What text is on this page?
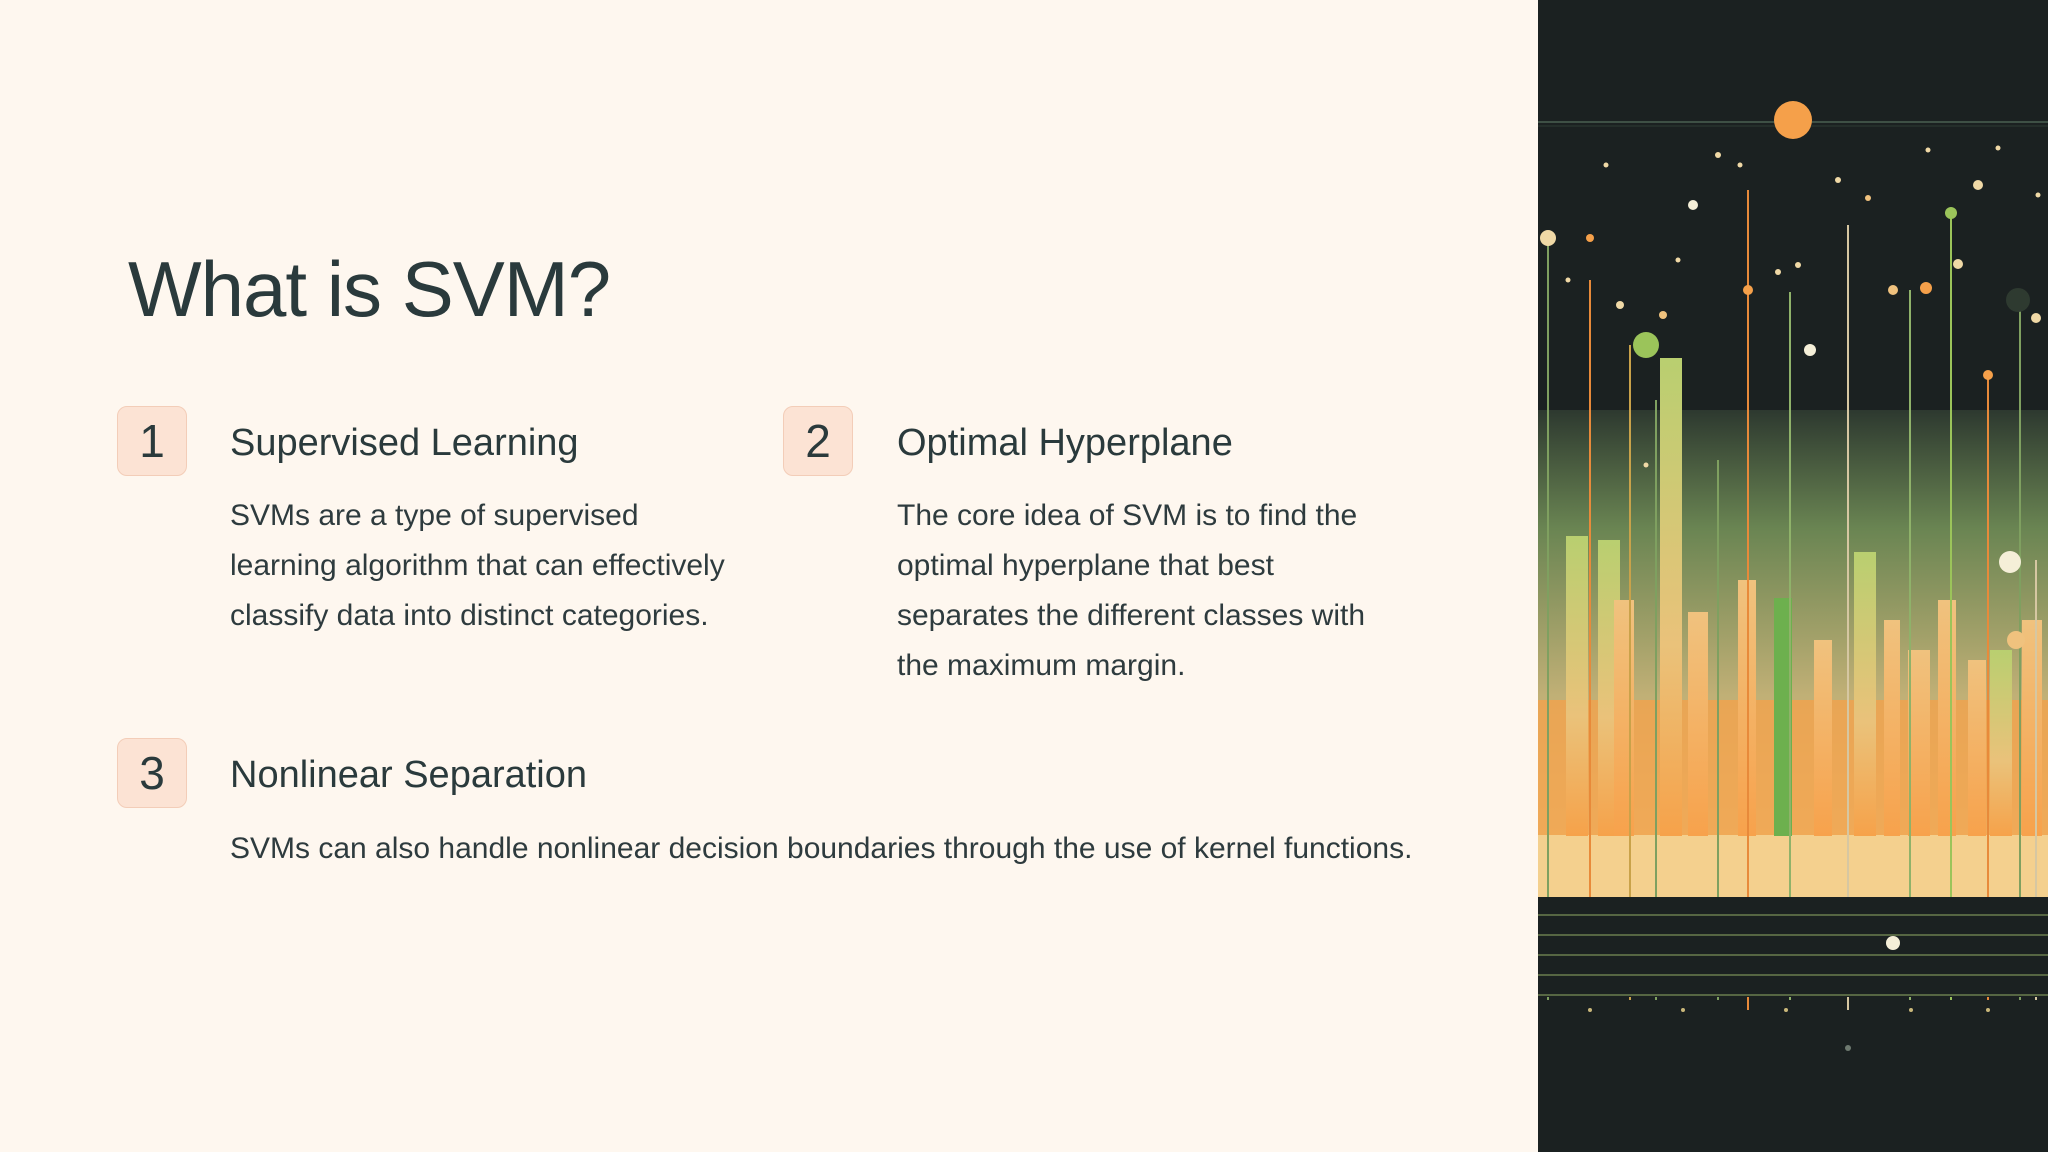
What is SVM?
1	Supervised Learning
SVMs are a type of supervised learning algorithm that can effectively classify data into distinct categories.
2	Optimal Hyperplane
The core idea of SVM is to find the optimal hyperplane that best separates the different classes with the maximum margin.
3	Nonlinear Separation
SVMs can also handle nonlinear decision boundaries through the use of kernel functions.
